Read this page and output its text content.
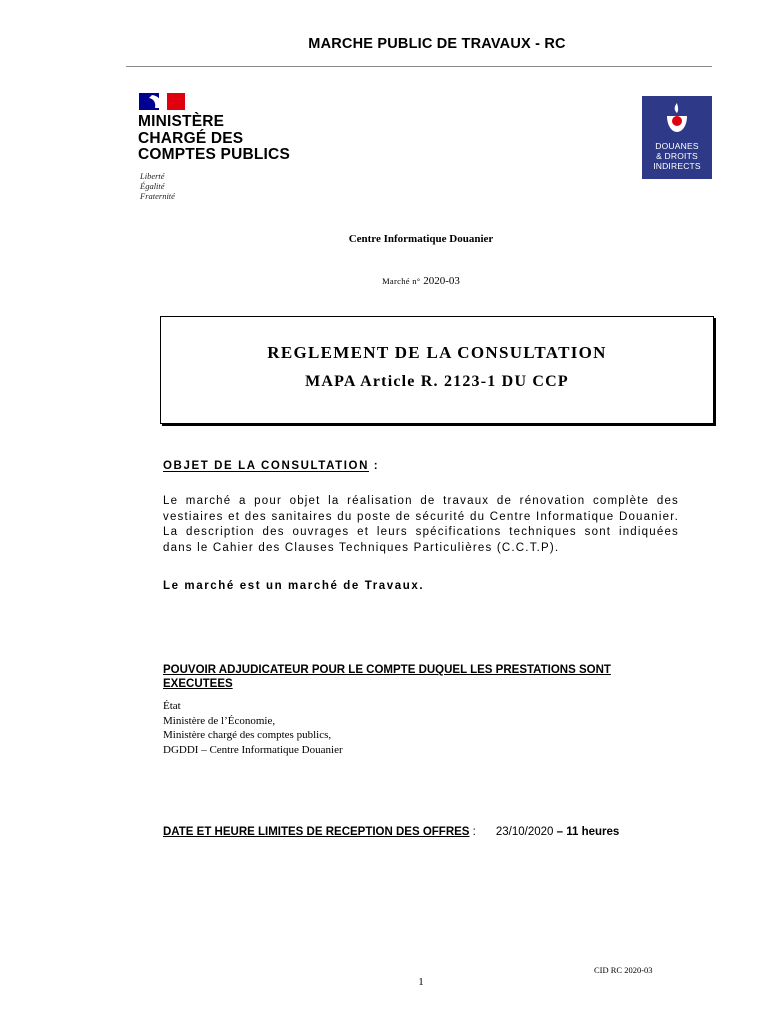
MARCHE PUBLIC DE TRAVAUX - RC
MINISTÈRE
CHARGÉ DES
COMPTES PUBLICS
Liberté
Égalité
Fraternité
DOUANES
& DROITS
INDIRECTS
Centre Informatique Douanier
Marché n° 2020-03
REGLEMENT DE LA CONSULTATION
MAPA Article R. 2123-1 DU CCP
OBJET DE LA CONSULTATION :
Le marché a pour objet la réalisation de travaux de rénovation complète des vestiaires et des sanitaires du poste de sécurité du Centre Informatique Douanier. La description des ouvrages et leurs spécifications techniques sont indiquées dans le Cahier des Clauses Techniques Particulières (C.C.T.P).
Le marché est un marché de Travaux.
POUVOIR ADJUDICATEUR POUR LE COMPTE DUQUEL LES PRESTATIONS SONT EXECUTEES
État
Ministère de l’Économie,
Ministère chargé des comptes publics,
DGDDI – Centre Informatique Douanier
DATE ET HEURE LIMITES DE RECEPTION DES OFFRES : 23/10/2020 – 11 heures
CID RC 2020-03
1
